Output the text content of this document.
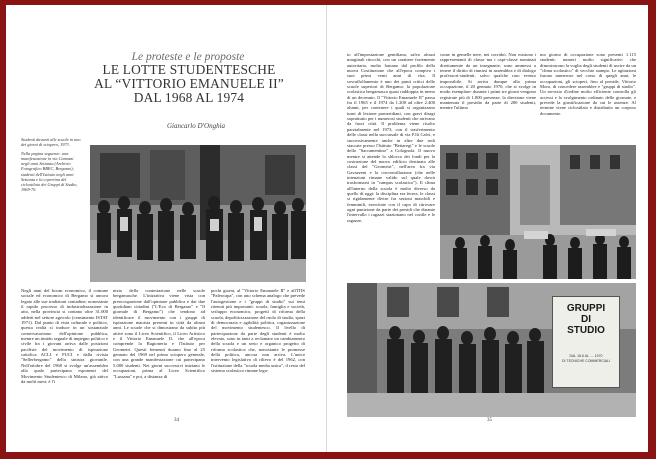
Le proteste e le proposte
LE LOTTE STUDENTESCHE
AL “VITTORIO EMANUELE II”
DAL 1968 AL 1974
Giancarlo D'Onghia

Studenti davanti alle scuole in uno dei giorni di sciopero, 1973.

Nella pagina seguente: una manifestazione in via Camozzi negli anni Settanta (Archivio Fotografico BBEC, Bergamo); studenti dell'Istituto negli anni Settanta e la copertina del ciclostilato dei Gruppi di Studio, 1969-70.

Negli anni del boom economico, il comune sociale ed economico di Bergamo si ancora legato alle sue tradizioni contadine; nonostante il rapido processo di industrializzazione in atto, nella provincia si contano oltre 31.000 addetti nel settore agricolo (censimento ISTAT 1971). Dal punto di vista culturale e politico, questa realtà si traduce in un sostanziale conservatorismo dell'opinione pubblica, mentre un timido segnale di impegno politico e civile fra i giovani arriva dalle posizioni pacifiste del movimento di ispirazione cattolica ACLI e FUCI e dalla rivista "Sellerbergamo" della sinistra giovanile. Nell'ottobre del 1968 si svolge un'assemblea alla quale partecipano esponenti del Movimento Studentesco di Milano, già attivo da molti mesi: è l'i
nizio della contestazione nelle scuole bergamasche. L'iniziativa viene vista con preoccupazione dall'opinione pubblica e dai due quotidiani cittadini ("L'Eco di Bergamo" e "Il giornale di Bergamo") che tendono ad identificare il movimento con i gruppi di ispirazione maoista presenti in città da alcuni anni. Le scuole che si dimostrano da subito più attive sono il Liceo Scientifico, il Liceo Artistico e il Vittorio Emanuele II, che all'epoca comprende la Ragioneria e l'Istituto per Geometri. Questi fermenti durano fino al 25 gennaio del 1969 nel primo sciopero generale, con una grande manifestazione cui partecipano 5.000 studenti. Nei giorni successivi iniziano le occupazioni, prima al Liceo Scientifico "Lussana" e poi, a distanza di
pochi giorni, al "Vittorio Emanuele II" e all'ITIS "Paleocapa", con uno schema analogo che prevede l'autogestione e i "gruppi di studio" sui temi ritenuti più importanti: scuola, famiglia e società, sviluppo economico, progetti di riforma della scuola, depoliticizzazione del ruolo di studio, spazi di democrazia e agibilità politica, organizzazione del movimento studentesco. Il livello di partecipazione da parte degli studenti è molto elevato, sono in tanti a reclamare un cambiamento della scuola e un serio e organico progetto di riforma scolastica che, nonostante le promesse della politica, ancora non arriva. L'unico intervento legislativo di rilievo è del 1962, con l'istituzione della "scuola media unica", il resto del sistema scolastico rimane lega-
34
to all'impostazione gentiliana, salvo alcuni marginali ritocchi, con un carattere fortemente autoritario, molto lontano dal profilo della nuova Costituzione che all'epoca compiva i suoi primi venti anni di vita. Il sovraffollamento è uno dei punti critici delle scuole superiori di Bergamo: la popolazione scolastica bergamasca quasi raddoppia in meno di un decennio. Il "Vittorio Emanuele II" passa fra il 1965 e il 1974 da 1.200 ad oltre 2.400 alunni, per contenere i quali si organizzano turni di lezione pomeridiani, con gravi disagi soprattutto per i numerosi studenti che arrivano da fuori città. Il problema viene risolto parzialmente nel 1973, con il trasferimento delle classi nella succursale di via F.lli Calvi, e successivamente anche in altre due sedi staccate presso l'Istituto "Bettaregi" e le scuole dello "Sacramentino" a Colognola. Il nuovo mentre si attende lo sblocco dei fondi per la costruzione del nuovo edificio destinato alle classi del "Geometri", nell'area fra via Gavazzeni e la circonvallazione (che nelle intenzioni rimane valido sul quale dovrà trasformarsi in "campus scolastico"). Il clima all'interno della scuola è molto diverso da quello di oggi: la disciplina era ferrea, le classi si rigidamente divise fra sezioni maschili e femminili, esercitate con il capo di ritrovare ogni punizione da parte dei presidi che durante l'intervallo i ragazzi stazionano nel cortile e le ragazze,
come in gemelle nere, nei corridoi. Non esistono i rappresentanti di classe ma i capi-classe nominati direttamente da un insegnante, sono ammessi a tenere il diritto di riunirsi in assemblea e di dialogo professori-studenti, salvo qualche raro evento impossibile. Si arriva dunque alla prima occupazione, il 20 gennaio 1970, che si svolge in modo esemplare: durante i primi tre giorni vengono registrate più di 1.000 presenze, la direzione viene mantenuta il presidio da parte di 200 studenti, mentre l'ultimo
mo giorno di occupazione sono presenti 1.115 studenti; numeri molto significativi che dimostrarono la voglia degli studenti di uscire da un "clima scolastico" di vecchio stampo. Le agitazioni furono numerose nel corso di quegli anni, le occupazioni, gli scioperi, fino al preside, Vittorio Moro, di concedere assemblee e "gruppi di studio". Un servizio d'ordine molto efficiente controlla gli accessi e lo svolgimento ordinato delle giornate, e prevede la giustificazione da cui le assenze. Al termine viene ciclostilato e distribuito un corposo documento
GRUPPI
DI
STUDIO
DAL 16.6 AL .... 1970
DI TECNICHE COMMERCIALI
35
